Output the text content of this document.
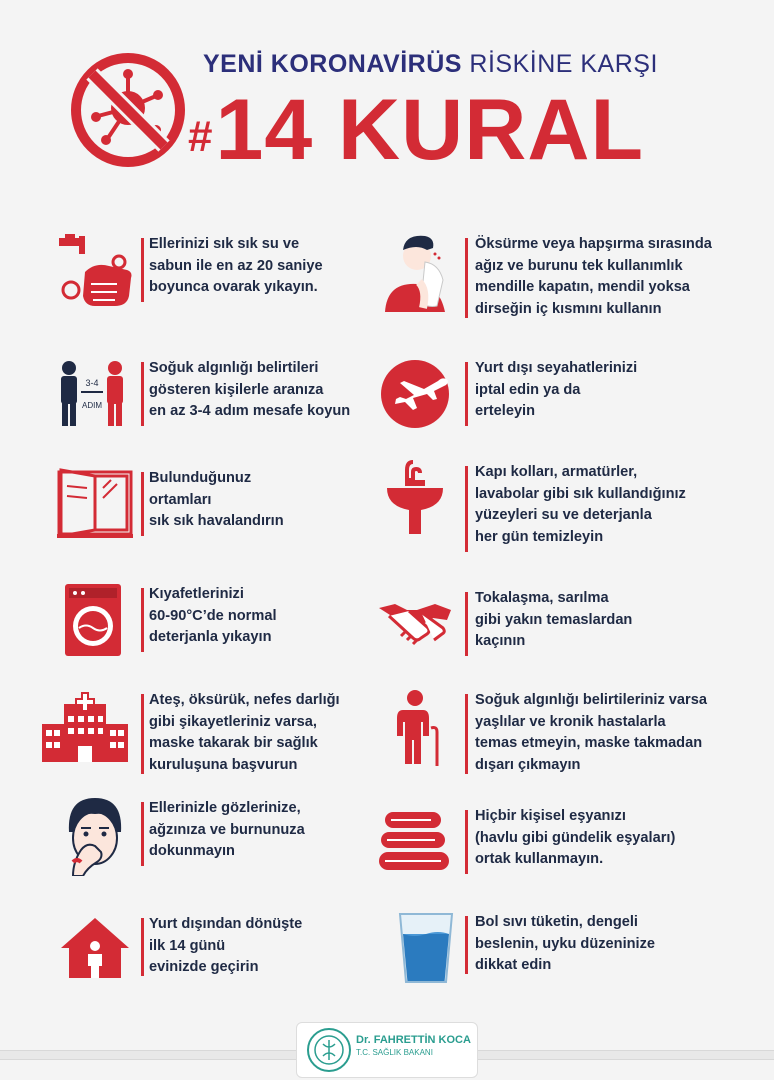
YENİ KORONAVİRÜS RİSKİNE KARŞI
#14 KURAL
Ellerinizi sık sık su ve
sabun ile en az 20 saniye
boyunca ovarak yıkayın.
Öksürme veya hapşırma sırasında
ağız ve burunu tek kullanımlık
mendille kapatın, mendil yoksa
dirseğin iç kısmını kullanın
3-4
ADIM
Soğuk algınlığı belirtileri
gösteren kişilerle aranıza
en az 3-4 adım mesafe koyun
Yurt dışı seyahatlerinizi
iptal edin ya da
erteleyin
Bulunduğunuz
ortamları
sık sık havalandırın
Kapı kolları, armatürler,
lavabolar gibi sık kullandığınız
yüzeyleri su ve deterjanla
her gün temizleyin
Kıyafetlerinizi
60-90°C’de normal
deterjanla yıkayın
Tokalaşma, sarılma
gibi yakın temaslardan
kaçının
Ateş, öksürük, nefes darlığı
gibi şikayetleriniz varsa,
maske takarak bir sağlık
kuruluşuna başvurun
Soğuk algınlığı belirtileriniz varsa
yaşlılar ve kronik hastalarla
temas etmeyin, maske takmadan
dışarı çıkmayın
Ellerinizle gözlerinize,
ağzınıza ve burnunuza
dokunmayın
Hiçbir kişisel eşyanızı
(havlu gibi gündelik eşyaları)
ortak kullanmayın.
Yurt dışından dönüşte
ilk 14 günü
evinizde geçirin
Bol sıvı tüketin, dengeli
beslenin, uyku düzeninize
dikkat edin
Dr. FAHRETTİN KOCA
T.C. SAĞLIK BAKANI
